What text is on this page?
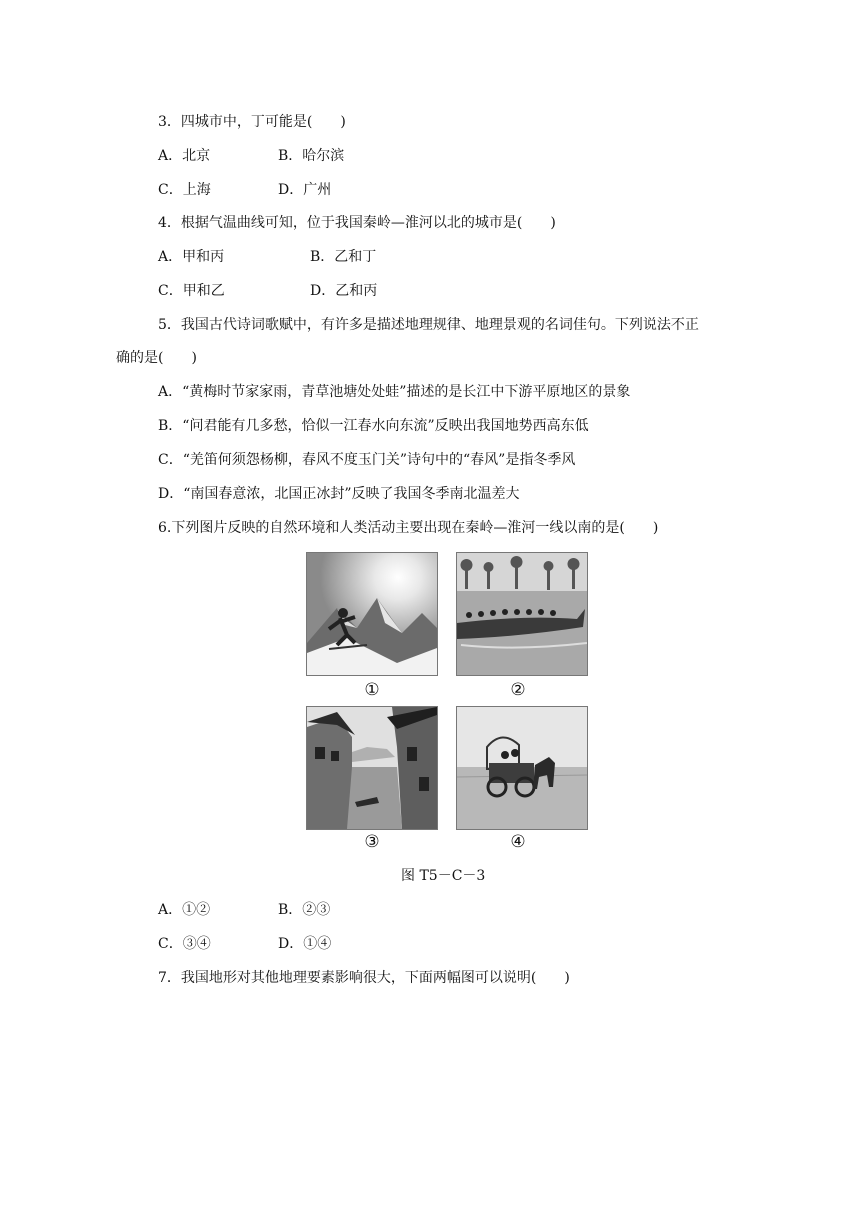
3．四城市中，丁可能是(　　)
A．北京	B．哈尔滨
C．上海	D．广州
4．根据气温曲线可知，位于我国秦岭—淮河以北的城市是(　　)
A．甲和丙	B．乙和丁
C．甲和乙	D．乙和丙
5．我国古代诗词歌赋中，有许多是描述地理规律、地理景观的名词佳句。下列说法不正
确的是(　　)
A．“黄梅时节家家雨，青草池塘处处蛙”描述的是长江中下游平原地区的景象
B．“问君能有几多愁，恰似一江春水向东流”反映出我国地势西高东低
C．“羌笛何须怨杨柳，春风不度玉门关”诗句中的“春风”是指冬季风
D．“南国春意浓，北国正冰封”反映了我国冬季南北温差大
6.下列图片反映的自然环境和人类活动主要出现在秦岭—淮河一线以南的是(　　)
①	②
③	④
图 T5－C－3
A．①②	B．②③
C．③④	D．①④
7．我国地形对其他地理要素影响很大，下面两幅图可以说明(　　)
